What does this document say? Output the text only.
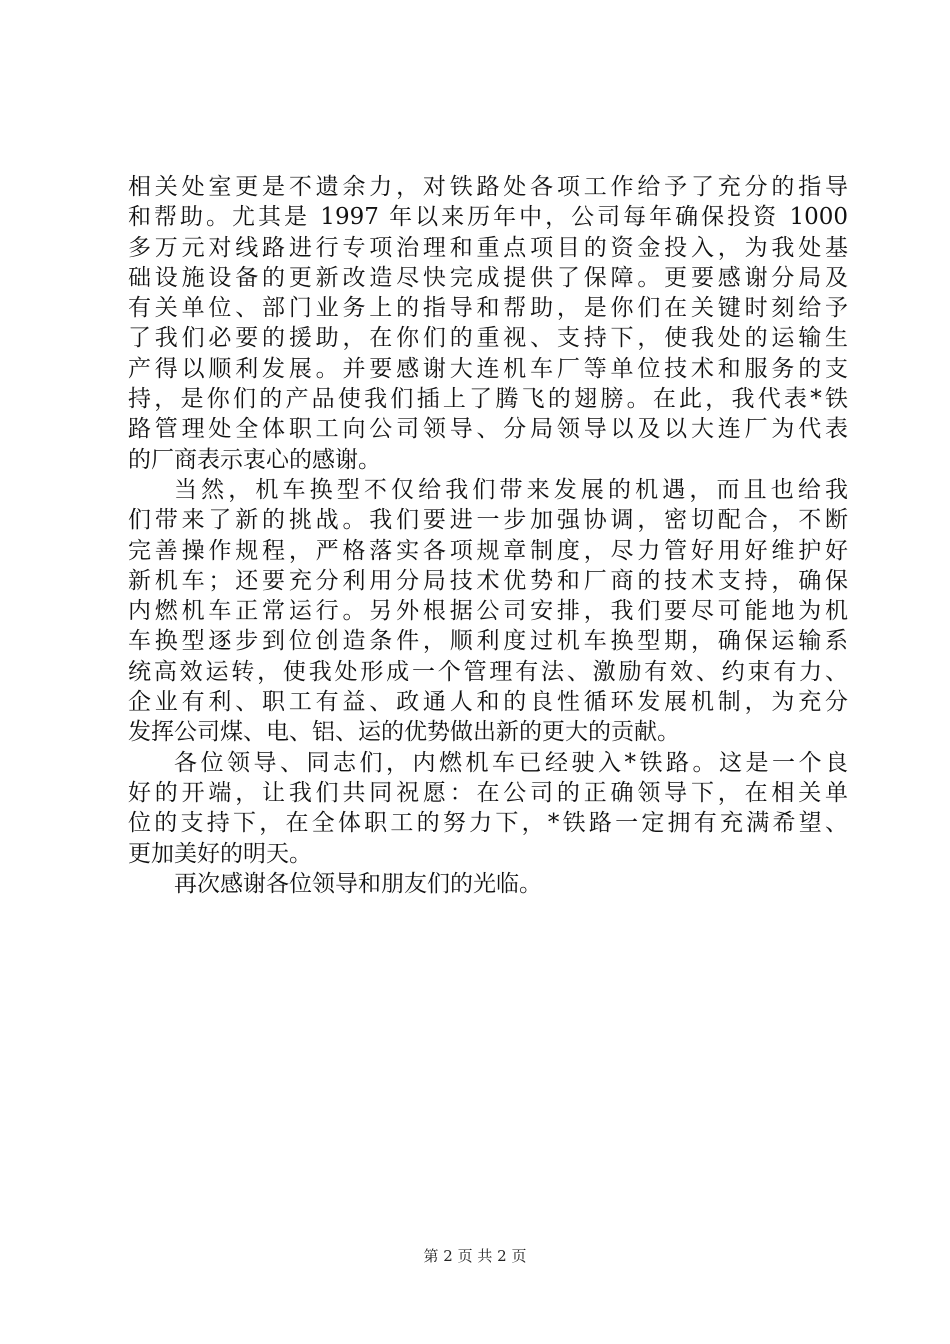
相关处室更是不遗余力，对铁路处各项工作给予了充分的指导
和帮助。尤其是 1997 年以来历年中，公司每年确保投资 1000
多万元对线路进行专项治理和重点项目的资金投入，为我处基
础设施设备的更新改造尽快完成提供了保障。更要感谢分局及
有关单位、部门业务上的指导和帮助，是你们在关键时刻给予
了我们必要的援助，在你们的重视、支持下，使我处的运输生
产得以顺利发展。并要感谢大连机车厂等单位技术和服务的支
持，是你们的产品使我们插上了腾飞的翅膀。在此，我代表*铁
路管理处全体职工向公司领导、分局领导以及以大连厂为代表
的厂商表示衷心的感谢。
当然，机车换型不仅给我们带来发展的机遇，而且也给我
们带来了新的挑战。我们要进一步加强协调，密切配合，不断
完善操作规程，严格落实各项规章制度，尽力管好用好维护好
新机车；还要充分利用分局技术优势和厂商的技术支持，确保
内燃机车正常运行。另外根据公司安排，我们要尽可能地为机
车换型逐步到位创造条件，顺利度过机车换型期，确保运输系
统高效运转，使我处形成一个管理有法、激励有效、约束有力、
企业有利、职工有益、政通人和的良性循环发展机制，为充分
发挥公司煤、电、铝、运的优势做出新的更大的贡献。
各位领导、同志们，内燃机车已经驶入*铁路。这是一个良
好的开端，让我们共同祝愿：在公司的正确领导下，在相关单
位的支持下，在全体职工的努力下，*铁路一定拥有充满希望、
更加美好的明天。
再次感谢各位领导和朋友们的光临。
第 2 页 共 2 页
